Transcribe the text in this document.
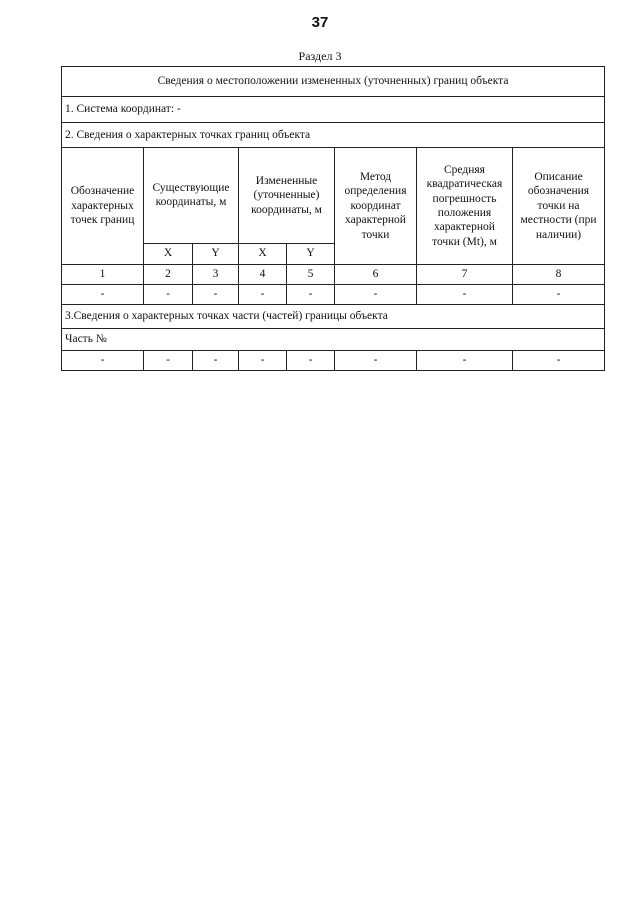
37
Раздел 3
Сведения о местоположении измененных (уточненных) границ объекта							
1. Система координат: -							
2. Сведения о характерных точках границ объекта							
Обозначение характерных точек границ	Существующие координаты, м		Измененные (уточненные) координаты, м		Метод определения координат характерной точки	Средняя квадратическая погрешность положения характерной точки (Mt), м	Описание обозначения точки на местности (при наличии)
	X	Y	X	Y			
1	2	3	4	5	6	7	8
-	-	-	-	-	-	-	-
3.Сведения о характерных точках части (частей) границы объекта							
Часть №							
-	-	-	-	-	-	-	-
